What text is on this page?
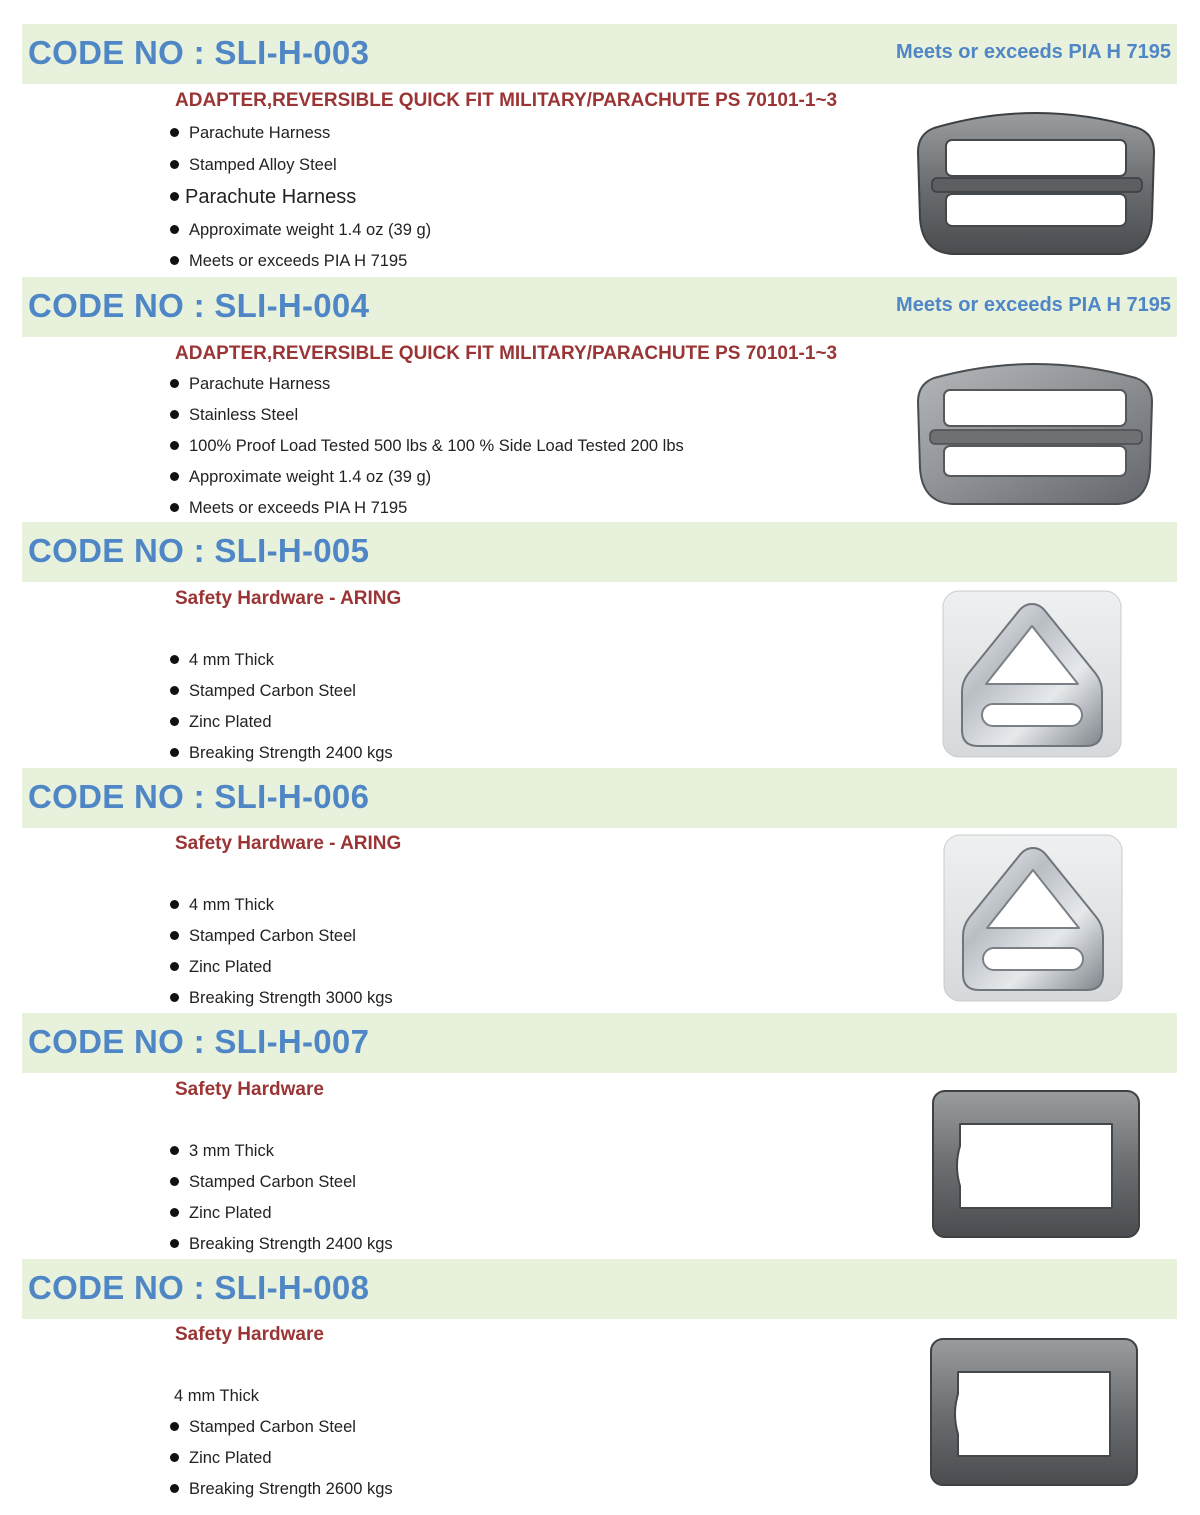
CODE NO : SLI-H-003	Meets or exceeds PIA H 7195
ADAPTER,REVERSIBLE QUICK FIT MILITARY/PARACHUTE PS 70101-1~3
Parachute Harness
Stamped Alloy Steel
Parachute Harness
Approximate weight 1.4 oz (39 g)
Meets or exceeds PIA H 7195
CODE NO : SLI-H-004	Meets or exceeds PIA H 7195
ADAPTER,REVERSIBLE QUICK FIT MILITARY/PARACHUTE PS 70101-1~3
Parachute Harness
Stainless Steel
100% Proof Load Tested 500 lbs & 100 % Side Load Tested 200 lbs
Approximate weight 1.4 oz (39 g)
Meets or exceeds PIA H 7195
CODE NO : SLI-H-005
Safety Hardware - ARING
4 mm Thick
Stamped Carbon Steel
Zinc Plated
Breaking Strength 2400 kgs
CODE NO : SLI-H-006
Safety Hardware - ARING
4 mm Thick
Stamped Carbon Steel
Zinc Plated
Breaking Strength 3000 kgs
CODE NO : SLI-H-007
Safety Hardware
3 mm Thick
Stamped Carbon Steel
Zinc Plated
Breaking Strength 2400 kgs
CODE NO : SLI-H-008
Safety Hardware
4 mm Thick
Stamped Carbon Steel
Zinc Plated
Breaking Strength 2600 kgs
